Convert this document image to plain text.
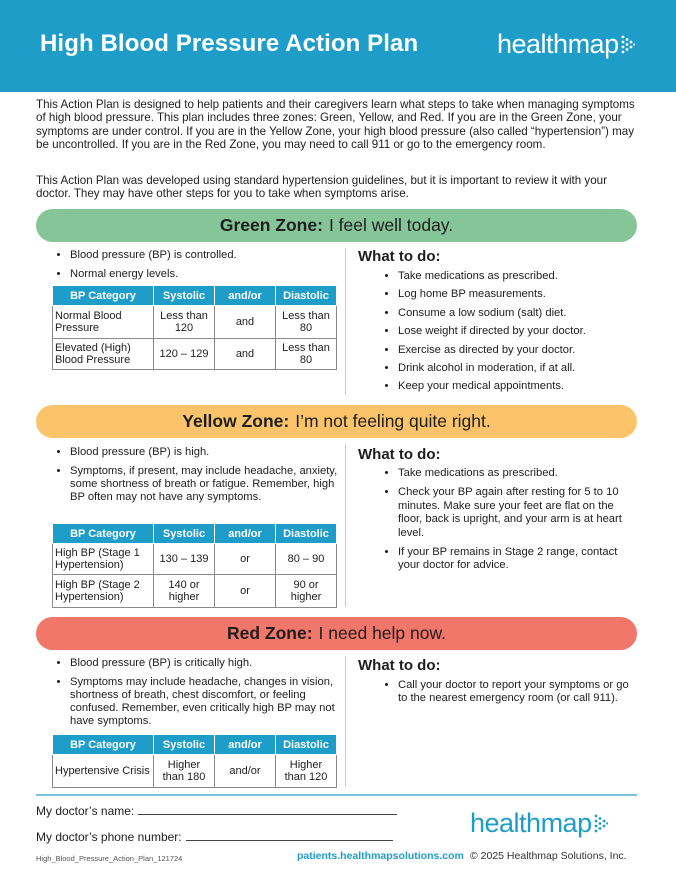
High Blood Pressure Action Plan	healthmap
This Action Plan is designed to help patients and their caregivers learn what steps to take when managing symptoms of high blood pressure. This plan includes three zones: Green, Yellow, and Red. If you are in the Green Zone, your symptoms are under control. If you are in the Yellow Zone, your high blood pressure (also called “hypertension”) may be uncontrolled. If you are in the Red Zone, you may need to call 911 or go to the emergency room.
This Action Plan was developed using standard hypertension guidelines, but it is important to review it with your doctor. They may have other steps for you to take when symptoms arise.
Green Zone: I feel well today.
• Blood pressure (BP) is controlled.
• Normal energy levels.
BP Category	Systolic	and/or	Diastolic
Normal Blood Pressure	Less than 120	and	Less than 80
Elevated (High) Blood Pressure	120 – 129	and	Less than 80
What to do:
• Take medications as prescribed.
• Log home BP measurements.
• Consume a low sodium (salt) diet.
• Lose weight if directed by your doctor.
• Exercise as directed by your doctor.
• Drink alcohol in moderation, if at all.
• Keep your medical appointments.
Yellow Zone: I’m not feeling quite right.
• Blood pressure (BP) is high.
• Symptoms, if present, may include headache, anxiety, some shortness of breath or fatigue. Remember, high BP often may not have any symptoms.
BP Category	Systolic	and/or	Diastolic
High BP (Stage 1 Hypertension)	130 – 139	or	80 – 90
High BP (Stage 2 Hypertension)	140 or higher	or	90 or higher
What to do:
• Take medications as prescribed.
• Check your BP again after resting for 5 to 10 minutes. Make sure your feet are flat on the floor, back is upright, and your arm is at heart level.
• If your BP remains in Stage 2 range, contact your doctor for advice.
Red Zone: I need help now.
• Blood pressure (BP) is critically high.
• Symptoms may include headache, changes in vision, shortness of breath, chest discomfort, or feeling confused. Remember, even critically high BP may not have symptoms.
BP Category	Systolic	and/or	Diastolic
Hypertensive Crisis	Higher than 180	and/or	Higher than 120
What to do:
• Call your doctor to report your symptoms or go to the nearest emergency room (or call 911).
My doctor’s name:
My doctor’s phone number:	healthmap
High_Blood_Pressure_Action_Plan_121724	patients.healthmapsolutions.com © 2025 Healthmap Solutions, Inc.
